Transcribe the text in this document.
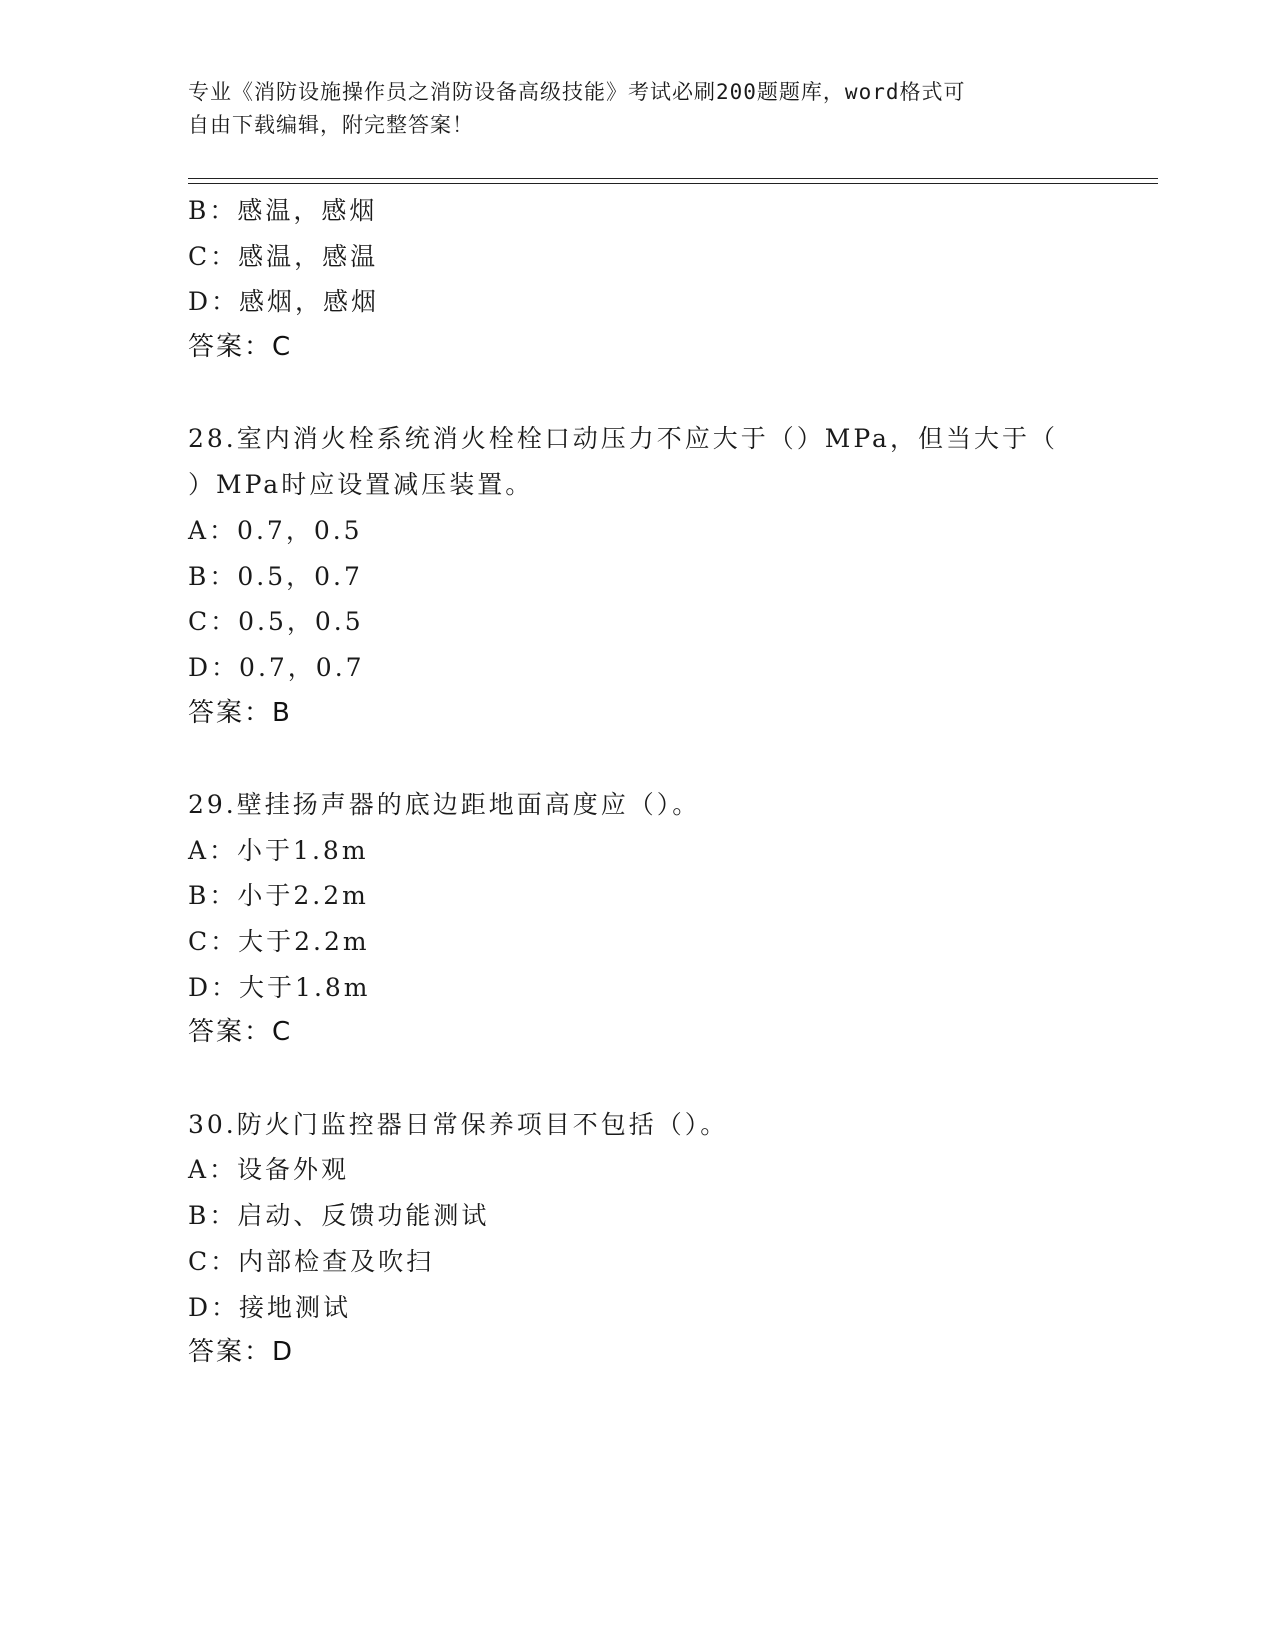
专业《消防设施操作员之消防设备高级技能》考试必刷200题题库，word格式可
自由下载编辑，附完整答案！
B：感温，感烟
C：感温，感温
D：感烟，感烟
答案：C
28.室内消火栓系统消火栓栓口动压力不应大于（）MPa，但当大于（
）MPa时应设置减压装置。
A：0.7，0.5
B：0.5，0.7
C：0.5，0.5
D：0.7，0.7
答案：B
29.壁挂扬声器的底边距地面高度应（）。
A：小于1.8m
B：小于2.2m
C：大于2.2m
D：大于1.8m
答案：C
30.防火门监控器日常保养项目不包括（）。
A：设备外观
B：启动、反馈功能测试
C：内部检查及吹扫
D：接地测试
答案：D
